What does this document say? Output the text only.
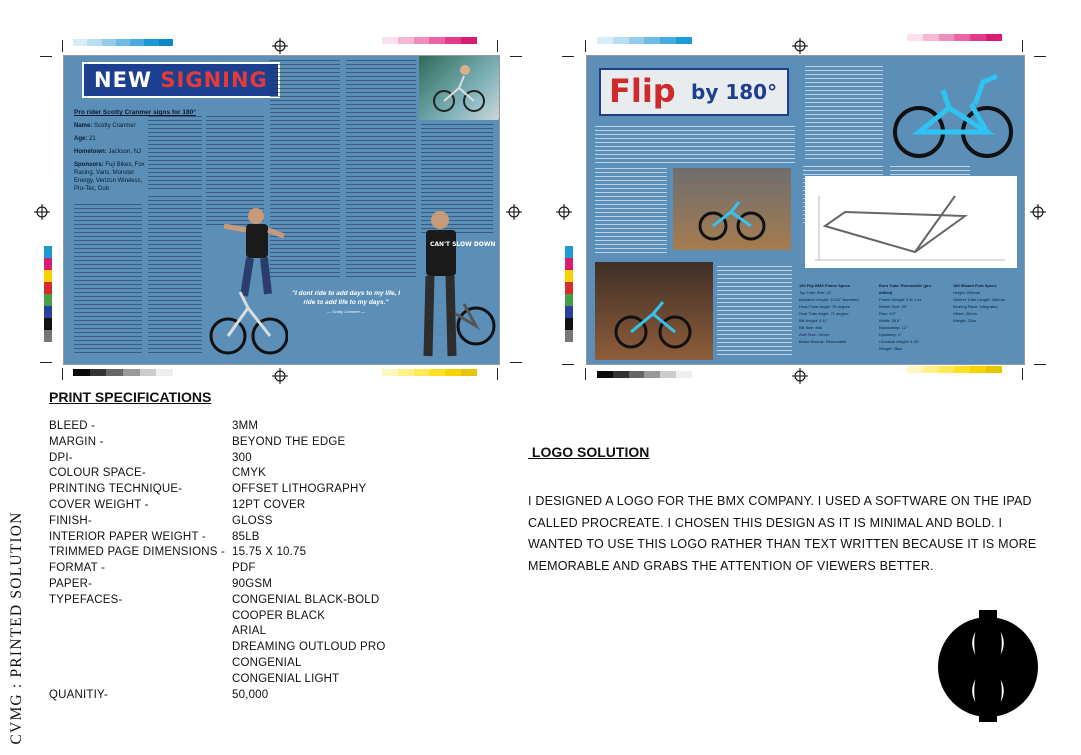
NEW SIGNING
Pro rider Scotty Cranmer signs for 180°
Name: Scotty Cranmer
Age: 21
Hometown: Jackson, NJ
Sponsors: Fuji Bikes, Fox Racing, Vans, Monster Energy, Verizon Wireless, Pro-Tec, Dub
CAN'T SLOW DOWN
"I dont ride to add days to my life, I ride to add life to my days."
— Scotty Cranmer —
Flip by 180°
180 Flip BMX Frame Specs
Top Tube Size: 21"
Backend Length: 11.63" slammed
Head Tube Angle: 75 degree
Seat Tube Angle: 71 degree
BB Height: 8.11"
BB Size: Mid
Axle Size: 14mm
Brake Mounts: Removable
Euro Tube: Removable (pre-drilled)
Frame Weight: 4 lb 1 oz
Wheel Size: 20"
Rise: 9.0"
Width: 28.5"
Backsweep: 12°
Upsweep: 1°
Crossbar Height: 6.25"
Weight: 28oz
180 Wizard Fork Specs
Height: 295mm
Steerer Tube Length: 164mm
Bearing Race: Integrated
Offset: 30mm
Weight: 32oz
PRINT SPECIFICATIONS
BLEED -	3MM
MARGIN -	BEYOND THE EDGE
DPI-	300
COLOUR SPACE-	CMYK
PRINTING TECHNIQUE-	OFFSET LITHOGRAPHY
COVER WEIGHT -	12PT COVER
FINISH-	GLOSS
INTERIOR PAPER WEIGHT - 85LB
TRIMMED PAGE DIMENSIONS - 15.75 X 10.75
FORMAT -	PDF
PAPER-	90GSM
TYPEFACES-	CONGENIAL BLACK-BOLD
COOPER BLACK
ARIAL
DREAMING OUTLOUD PRO
CONGENIAL
CONGENIAL LIGHT
QUANITIY-	50,000
LOGO SOLUTION
I DESIGNED A LOGO FOR THE BMX COMPANY. I USED A SOFTWARE ON THE IPAD CALLED PROCREATE. I CHOSEN THIS DESIGN AS IT IS MINIMAL AND BOLD. I WANTED TO USE THIS LOGO RATHER THAN TEXT WRITTEN BECAUSE IT IS MORE MEMORABLE AND GRABS THE ATTENTION OF VIEWERS BETTER.
CVMG : PRINTED SOLUTION
